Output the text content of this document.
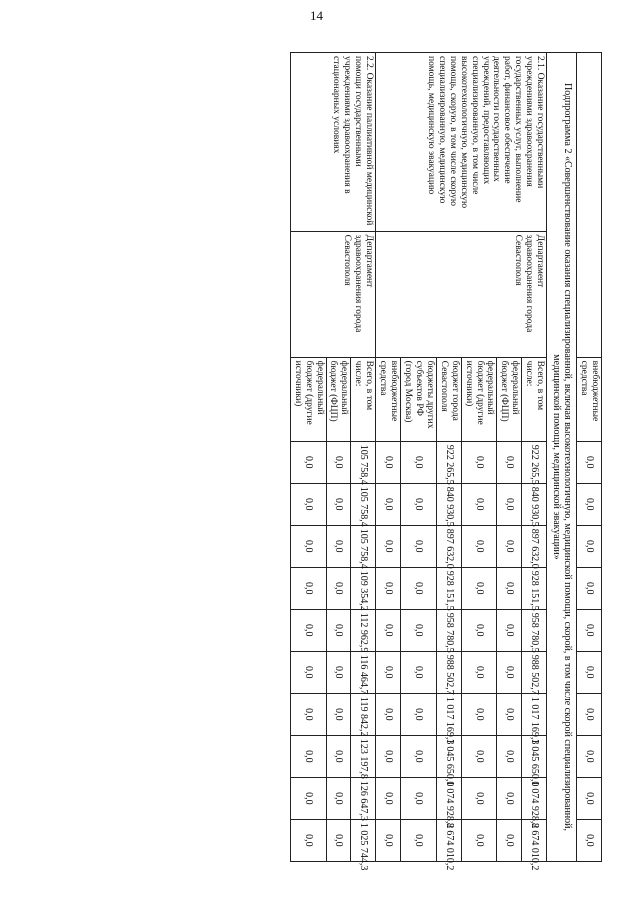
14
		внебюджетные средства	0,0	0,0	0,0	0,0	0,0	0,0	0,0	0,0	0,0	0,0
Подпрограмма 2 «Совершенствование оказания специализированной, включая высокотехнологичную, медицинской помощи, скорой, в том числе скорой специализированной, медицинской помощи, медицинской эвакуации»												
2.1. Оказание государственными учреждениями здравоохранения государственных услуг, выполнение работ, финансовое обеспечение деятельности государственных учреждений, предоставляющих специализированную, в том числе высокотехнологичную, медицинскую помощь, скорую, в том числе скорую специализированную, медицинскую помощь, медицинскую эвакуацию	Департамент здравоохранения города Севастополя	Всего, в том числе:	922 265,5	840 930,5	897 632,0	928 151,5	958 780,5	988 502,7	1 017 169,3	1 045 650,0	1 074 928,2	8 674 010,2
		федеральный бюджет (ФЦП)	0,0	0,0	0,0	0,0	0,0	0,0	0,0	0,0	0,0	0,0
		федеральный бюджет (другие источники)	0,0	0,0	0,0	0,0	0,0	0,0	0,0	0,0	0,0	0,0
		бюджет города Севастополя	922 265,5	840 930,5	897 632,0	928 151,5	958 780,5	988 502,7	1 017 169,3	1 045 650,0	1 074 928,2	8 674 010,2
		бюджеты других субъектов РФ (город Москва)	0,0	0,0	0,0	0,0	0,0	0,0	0,0	0,0	0,0	0,0
		внебюджетные средства	0,0	0,0	0,0	0,0	0,0	0,0	0,0	0,0	0,0	0,0
2.2. Оказание паллиативной медицинской помощи государственными учреждениями здравоохранения в стационарных условиях	Департамент здравоохранения города Севастополя	Всего, в том числе:	105 758,4	105 758,4	105 758,4	109 354,2	112 962,9	116 464,7	119 842,2	123 197,8	126 647,3	1 025 744,3
		федеральный бюджет (ФЦП)	0,0	0,0	0,0	0,0	0,0	0,0	0,0	0,0	0,0	0,0
		федеральный бюджет (другие источники)	0,0	0,0	0,0	0,0	0,0	0,0	0,0	0,0	0,0	0,0
